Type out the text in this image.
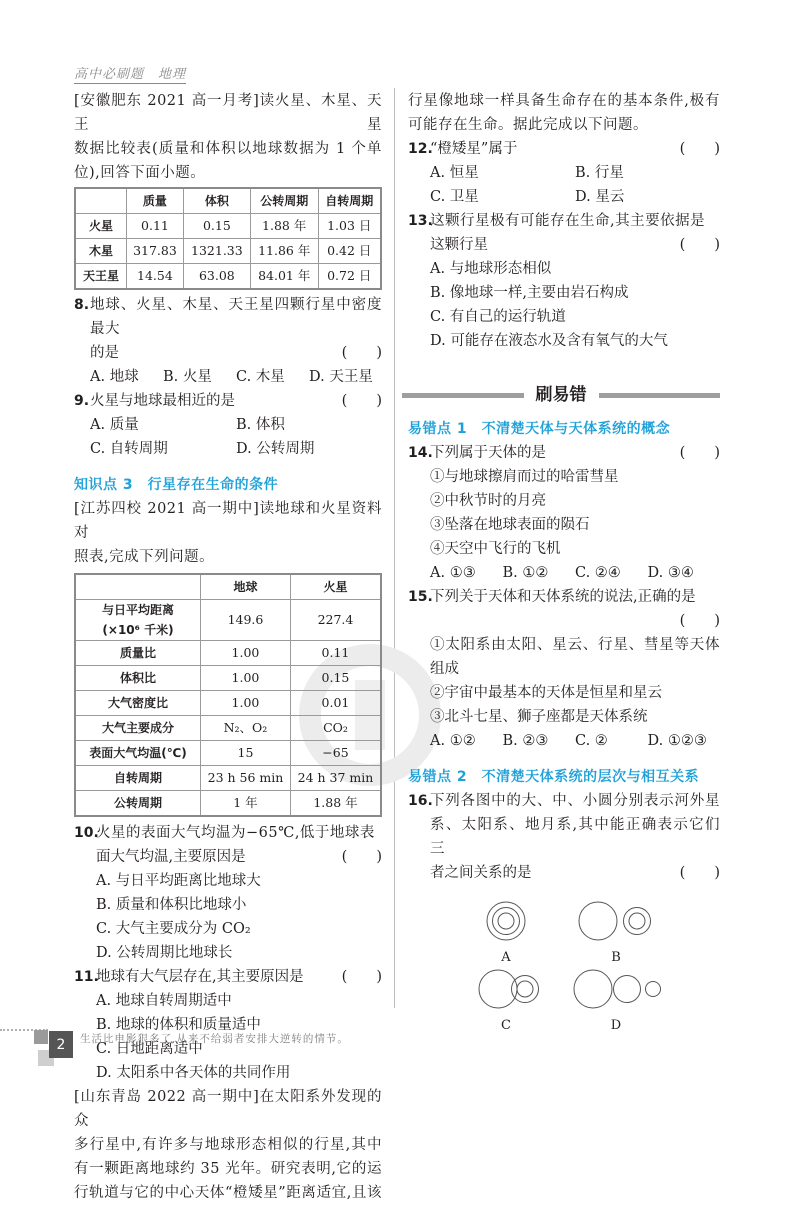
高中必刷题　地理
[安徽肥东 2021 高一月考]读火星、木星、天王星
数据比较表(质量和体积以地球数据为 1 个单
位),回答下面小题。
	质量	体积	公转周期	自转周期
火星	0.11	0.15	1.88 年	1.03 日
木星	317.83	1321.33	11.86 年	0.42 日
天王星	14.54	63.08	84.01 年	0.72 日
8. 地球、火星、木星、天王星四颗行星中密度最大
的是	(　　)
A. 地球	B. 火星	C. 木星	D. 天王星
9. 火星与地球最相近的是	(　　)
A. 质量	B. 体积
C. 自转周期	D. 公转周期
知识点 3　行星存在生命的条件
[江苏四校 2021 高一期中]读地球和火星资料对
照表,完成下列问题。
	地球	火星
与日平均距离(×10⁶ 千米)	149.6	227.4
质量比	1.00	0.11
体积比	1.00	0.15
大气密度比	1.00	0.01
大气主要成分	N₂、O₂	CO₂
表面大气均温(℃)	15	−65
自转周期	23 h 56 min	24 h 37 min
公转周期	1 年	1.88 年
10.
火星的表面大气均温为−65℃,低于地球表
面大气均温,主要原因是	(　　)
A. 与日平均距离比地球大
B. 质量和体积比地球小
C. 大气主要成分为 CO₂
D. 公转周期比地球长
11.
地球有大气层存在,其主要原因是	(　　)
A. 地球自转周期适中
B. 地球的体积和质量适中
C. 日地距离适中
D. 太阳系中各天体的共同作用
[山东青岛 2022 高一期中]在太阳系外发现的众
多行星中,有许多与地球形态相似的行星,其中
有一颗距离地球约 35 光年。研究表明,它的运
行轨道与它的中心天体“橙矮星”距离适宜,且该
行星像地球一样具备生命存在的基本条件,极有
可能存在生命。据此完成以下问题。
12.
“橙矮星”属于	(　　)
A. 恒星	B. 行星
C. 卫星	D. 星云
13.
这颗行星极有可能存在生命,其主要依据是
这颗行星	(　　)
A. 与地球形态相似
B. 像地球一样,主要由岩石构成
C. 有自己的运行轨道
D. 可能存在液态水及含有氧气的大气
刷易错
易错点 1　不清楚天体与天体系统的概念
14.
下列属于天体的是	(　　)
①与地球擦肩而过的哈雷彗星
②中秋节时的月亮
③坠落在地球表面的陨石
④天空中飞行的飞机
A. ①③	B. ①②	C. ②④	D. ③④
15.
下列关于天体和天体系统的说法,正确的是
(　　)
①太阳系由太阳、星云、行星、彗星等天体
组成
②宇宙中最基本的天体是恒星和星云
③北斗七星、狮子座都是天体系统
A. ①②	B. ②③	C. ②	D. ①②③
易错点 2　不清楚天体系统的层次与相互关系
16.
下列各图中的大、中、小圆分别表示河外星
系、太阳系、地月系,其中能正确表示它们三
者之间关系的是	(　　)
A	B
C	D
2	生活比电影狠多了,从来不给弱者安排大逆转的情节。
